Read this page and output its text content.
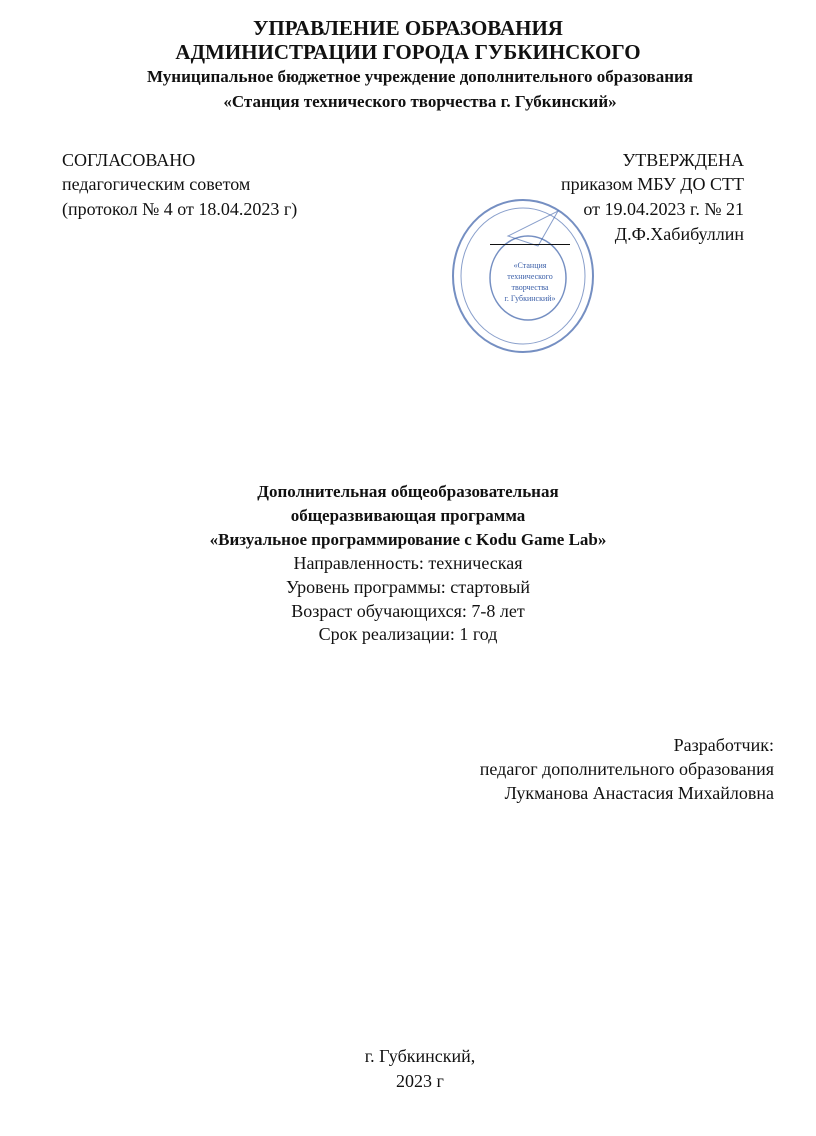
УПРАВЛЕНИЕ ОБРАЗОВАНИЯ
АДМИНИСТРАЦИИ ГОРОДА ГУБКИНСКОГО
Муниципальное бюджетное учреждение дополнительного образования
«Станция технического творчества г. Губкинский»
СОГЛАСОВАНО
педагогическим советом
(протокол № 4 от 18.04.2023 г)
«Станция
технического
творчества
г. Губкинский»
УТВЕРЖДЕНА
приказом МБУ ДО СТТ
от 19.04.2023 г. № 21
Д.Ф.Хабибуллин
Дополнительная общеобразовательная
общеразвивающая программа
«Визуальное программирование с Kodu Game Lab»
Направленность: техническая
Уровень программы: стартовый
Возраст обучающихся: 7-8 лет
Срок реализации: 1 год
Разработчик:
педагог дополнительного образования
Лукманова Анастасия Михайловна
г. Губкинский,
2023 г
